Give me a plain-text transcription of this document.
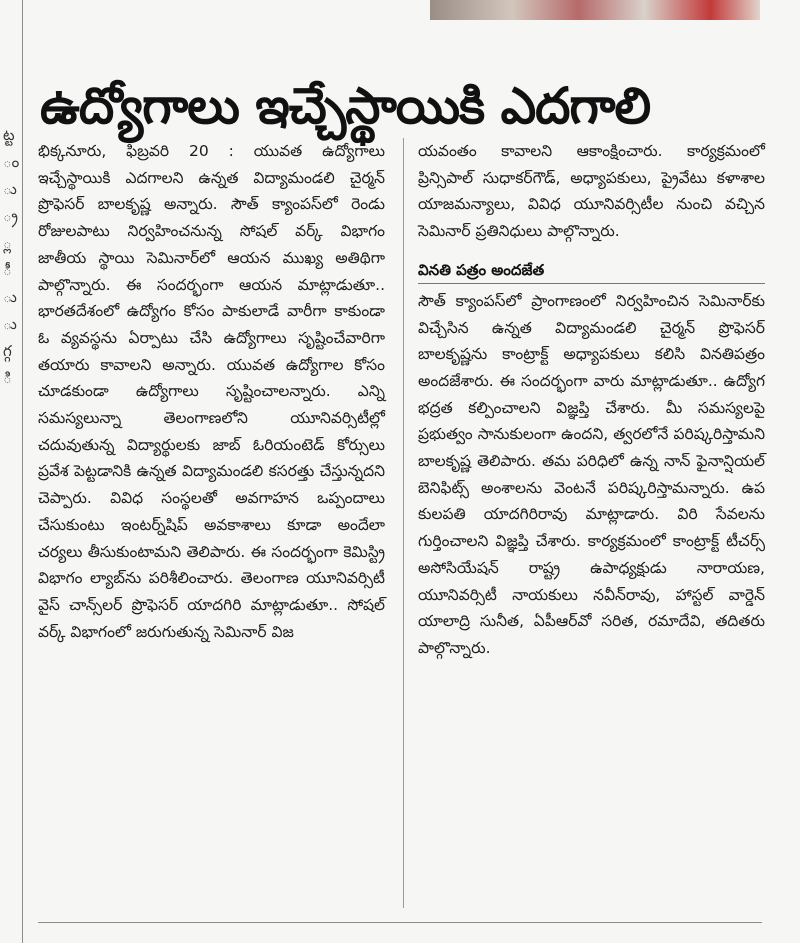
ట్ట
ం
ు
్ర
్ల
ీ
ు
ు
గ్గ
ి
ఉద్యోగాలు ఇచ్చేస్థాయికి ఎదగాలి

భిక్కనూరు, ఫిబ్రవరి 20 : యువత ఉద్యోగాలు ఇచ్చేస్థాయికి ఎదగాలని ఉన్నత విద్యామండలి చైర్మన్ ప్రొఫెసర్ బాలకృష్ణ అన్నారు. సౌత్ క్యాంపస్‌లో రెండు రోజులపాటు నిర్వహించనున్న సోషల్ వర్క్ విభాగం జాతీయ స్థాయి సెమినార్‌లో ఆయన ముఖ్య అతిథిగా పాల్గొన్నారు. ఈ సందర్భంగా ఆయన మాట్లాడుతూ.. భారతదేశంలో ఉద్యోగం కోసం పాకులాడే వారీగా కాకుండా ఓ వ్యవస్థను ఏర్పాటు చేసి ఉద్యోగాలు సృష్టించేవారిగా తయారు కావాలని అన్నారు. యువత ఉద్యోగాల కోసం చూడకుండా ఉద్యోగాలు సృష్టించాలన్నారు. ఎన్ని సమస్యలున్నా తెలంగాణలోని యూనివర్సిటీల్లో చదువుతున్న విద్యార్థులకు జాబ్ ఓరియంటెడ్ కోర్సులు ప్రవేశ పెట్టడానికి ఉన్నత విద్యామండలి కసరత్తు చేస్తున్నదని చెప్పారు. వివిధ సంస్థలతో అవగాహన ఒప్పందాలు చేసుకుంటు ఇంటర్న్‌షిప్ అవకాశాలు కూడా అందేలా చర్యలు తీసుకుంటామని తెలిపారు. ఈ సందర్భంగా కెమిస్ట్రి విభాగం ల్యాబ్‌ను పరిశీలించారు. తెలంగాణ యూనివర్సిటీ వైస్ చాన్స్‌లర్ ప్రొఫెసర్ యాదగిరి మాట్లాడుతూ.. సోషల్ వర్క్ విభాగంలో జరుగుతున్న సెమినార్ విజ

యవంతం కావాలని ఆకాంక్షించారు. కార్యక్రమంలో ప్రిన్సిపాల్ సుధాకర్‌గౌడ్, అధ్యాపకులు, ప్రైవేటు కళాశాల యాజమన్యాలు, వివిధ యూనివర్సిటీల నుంచి వచ్చిన సెమినార్ ప్రతినిధులు పాల్గొన్నారు.

వినతి పత్రం అందజేత

సౌత్ క్యాంపస్‌లో ప్రాంగాణంలో నిర్వహించిన సెమినార్‌కు విచ్చేసిన ఉన్నత విద్యామండలి చైర్మన్ ప్రొఫెసర్ బాలకృష్ణను కాంట్రాక్ట్ అధ్యాపకులు కలిసి వినతిపత్రం అందజేశారు. ఈ సందర్భంగా వారు మాట్లాడుతూ.. ఉద్యోగ భద్రత కల్పించాలని విజ్ఞప్తి చేశారు. మీ సమస్యలపై ప్రభుత్వం సానుకులంగా ఉందని, త్వరలోనే పరిష్కరిస్తామని బాలకృష్ణ తెలిపారు. తమ పరిధిలో ఉన్న నాన్ ఫైనాన్షియల్ బెనిఫిట్స్ అంశాలను వెంటనే పరిష్కరిస్తామన్నారు. ఉప కులపతి యాదగిరిరావు మాట్లాడారు. విరి సేవలను గుర్తించాలని విజ్ఞప్తి చేశారు. కార్యక్రమంలో కాంట్రాక్ట్ టీచర్స్ అసోసియేషన్ రాష్ట్ర ఉపాధ్యక్షుడు నారాయణ, యూనివర్సిటీ నాయకులు నవీన్‌రావు, హాస్టల్ వార్డెన్ యాలాద్రి సునీత, ఏపీఆర్‌వో సరిత, రమాదేవి, తదితరు పాల్గొన్నారు.
